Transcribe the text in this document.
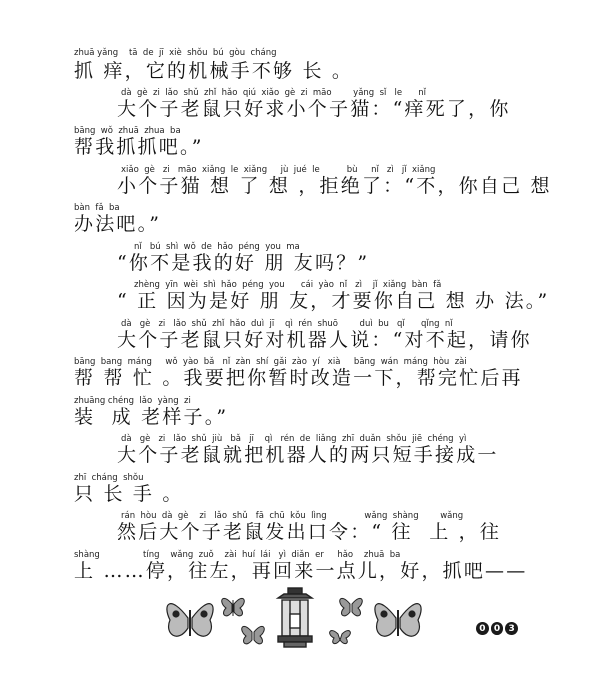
zhuā yǎng    tā  de  jī  xiè  shǒu  bú  gòu  cháng
抓 痒，它的机械手不够 长 。
dà  gè  zi  lǎo  shǔ  zhǐ  hǎo  qiú  xiǎo  gè  zi  māo        yǎng  sǐ   le      nǐ
大个子老鼠只好求小个子猫：“痒死了，你
bāng  wǒ  zhuā  zhua  ba
帮我抓抓吧。”
xiǎo  gè   zi   māo  xiǎng  le  xiǎng     jù  jué  le          bù     nǐ   zì   jǐ  xiǎng
小个子猫 想 了 想 ，拒绝了：“不，你自己 想
bàn  fǎ  ba
办法吧。”
nǐ   bú  shì  wǒ  de  hǎo  péng  you  ma
“你不是我的好 朋 友吗？”
zhèng  yīn  wèi  shì  hǎo  péng  you      cái  yào  nǐ   zì    jǐ  xiǎng  bàn  fǎ
“ 正 因为是好 朋 友，才要你自己 想 办 法。”
dà   gè   zi   lǎo  shǔ  zhǐ  hǎo  duì  jī    qì  rén  shuō        duì  bu   qǐ      qǐng  nǐ
大个子老鼠只好对机器人说：“对不起，请你
bāng  bang  máng     wǒ  yào  bǎ   nǐ  zàn  shí  gǎi  zào  yí   xià     bāng  wán  máng  hòu  zài
帮 帮 忙 。我要把你暂时改造一下，帮完忙后再
zhuāng chéng  lǎo  yàng  zi
装  成 老样子。”
dà   gè   zi   lǎo  shǔ  jiù   bǎ   jī    qì   rén  de  liǎng  zhī  duǎn  shǒu  jiē  chéng  yì
大个子老鼠就把机器人的两只短手接成一
zhī  cháng  shǒu
只 长 手 。
rán  hòu  dà  gè    zi   lǎo  shǔ   fā  chū  kǒu  lìng              wǎng  shàng        wǎng
然后大个子老鼠发出口令：“ 往  上 ，往
shàng                tíng    wǎng  zuǒ    zài  huí  lái   yì  diǎn  er     hǎo    zhuā  ba
上 ……停，往左，再回来一点儿，好，抓吧——
0 0 3
